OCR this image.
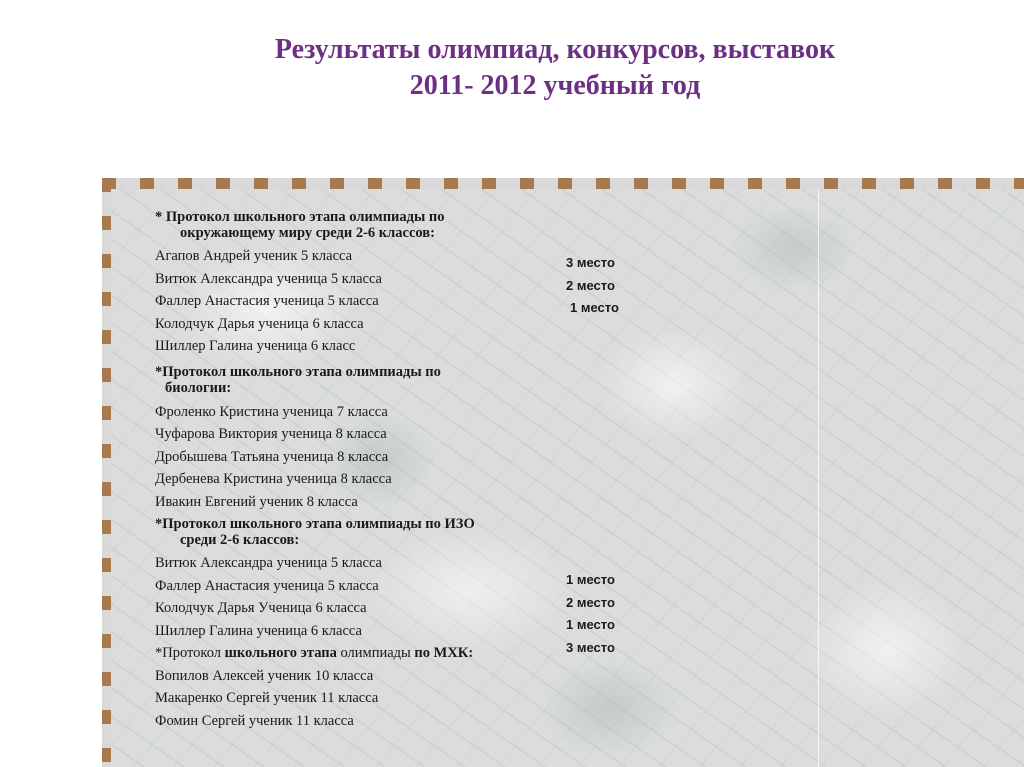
Результаты олимпиад, конкурсов, выставок
2011- 2012 учебный год
* Протокол школьного этапа олимпиады по
окружающему миру среди 2-6 классов:
Агапов Андрей ученик 5 класса
Витюк Александра ученица 5 класса
Фаллер Анастасия ученица 5 класса
Колодчук Дарья ученица 6 класса
Шиллер Галина ученица 6 класс
*Протокол школьного этапа олимпиады по
биологии:
Фроленко Кристина ученица 7 класса
Чуфарова Виктория ученица 8 класса
Дробышева Татьяна ученица 8 класса
Дербенева Кристина ученица 8 класса
Ивакин Евгений ученик 8 класса
*Протокол школьного этапа олимпиады по ИЗО
среди 2-6 классов:
Витюк Александра ученица 5 класса
Фаллер Анастасия ученица 5 класса
Колодчук Дарья Ученица 6 класса
Шиллер Галина ученица 6 класса
*Протокол школьного этапа олимпиады по МХК:
Вопилов Алексей ученик 10 класса
Макаренко Сергей ученик 11 класса
Фомин Сергей ученик 11 класса
3 место
2 место
1 место
1 место
2 место
1 место
3 место
